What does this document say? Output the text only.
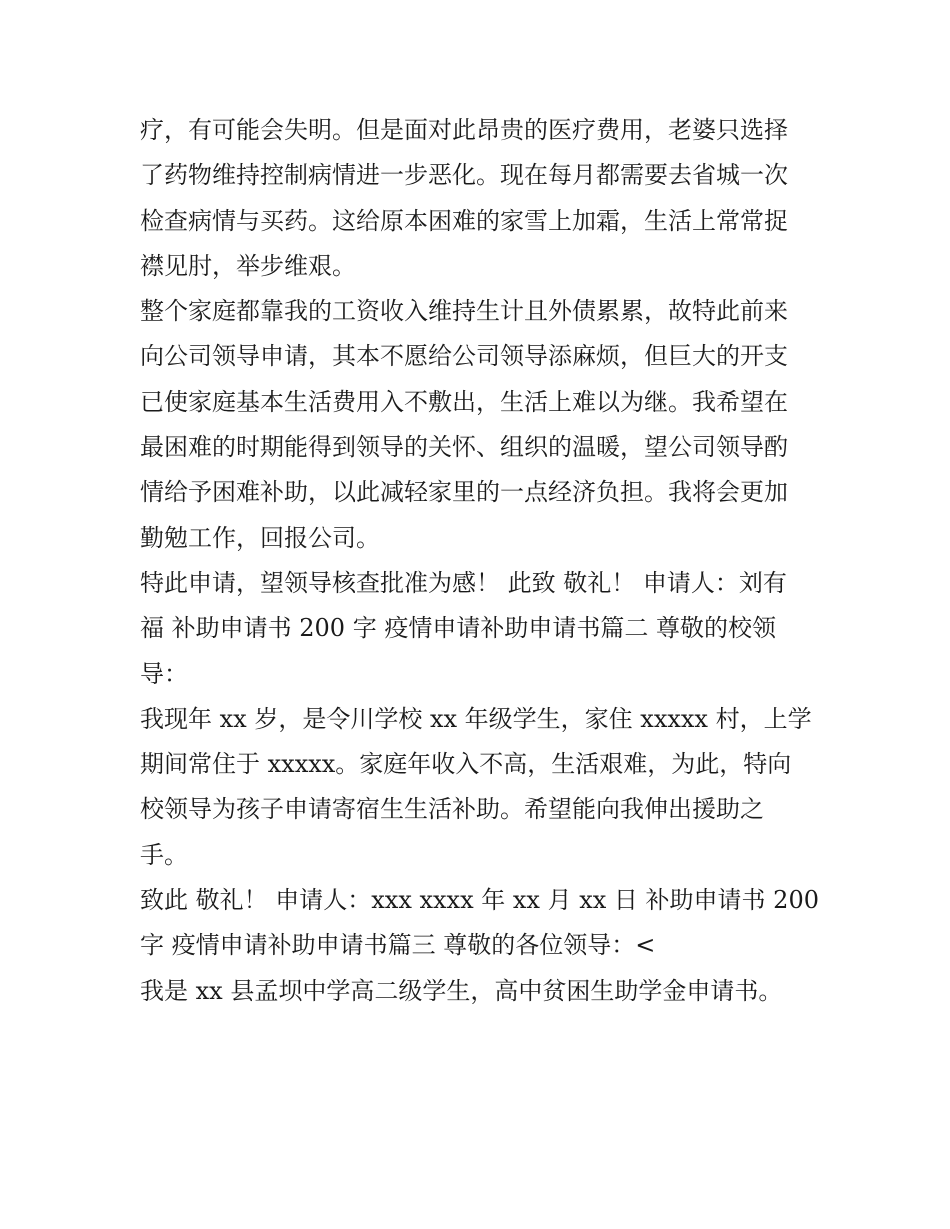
疗，有可能会失明。但是面对此昂贵的医疗费用，老婆只选择
了药物维持控制病情进一步恶化。现在每月都需要去省城一次
检查病情与买药。这给原本困难的家雪上加霜，生活上常常捉
襟见肘，举步维艰。

整个家庭都靠我的工资收入维持生计且外债累累，故特此前来
向公司领导申请，其本不愿给公司领导添麻烦，但巨大的开支
已使家庭基本生活费用入不敷出，生活上难以为继。我希望在
最困难的时期能得到领导的关怀、组织的温暖，望公司领导酌
情给予困难补助，以此减轻家里的一点经济负担。我将会更加
勤勉工作，回报公司。

特此申请，望领导核查批准为感！ 此致 敬礼！ 申请人：刘有
福 补助申请书 200 字 疫情申请补助申请书篇二 尊敬的校领
导：

我现年 xx 岁，是令川学校 xx 年级学生，家住 xxxxx 村，上学
期间常住于 xxxxx。家庭年收入不高，生活艰难，为此，特向
校领导为孩子申请寄宿生生活补助。希望能向我伸出援助之
手。

致此 敬礼！ 申请人：xxx xxxx 年 xx 月 xx 日 补助申请书 200
字 疫情申请补助申请书篇三 尊敬的各位领导：<

我是 xx 县孟坝中学高二级学生，高中贫困生助学金申请书。
